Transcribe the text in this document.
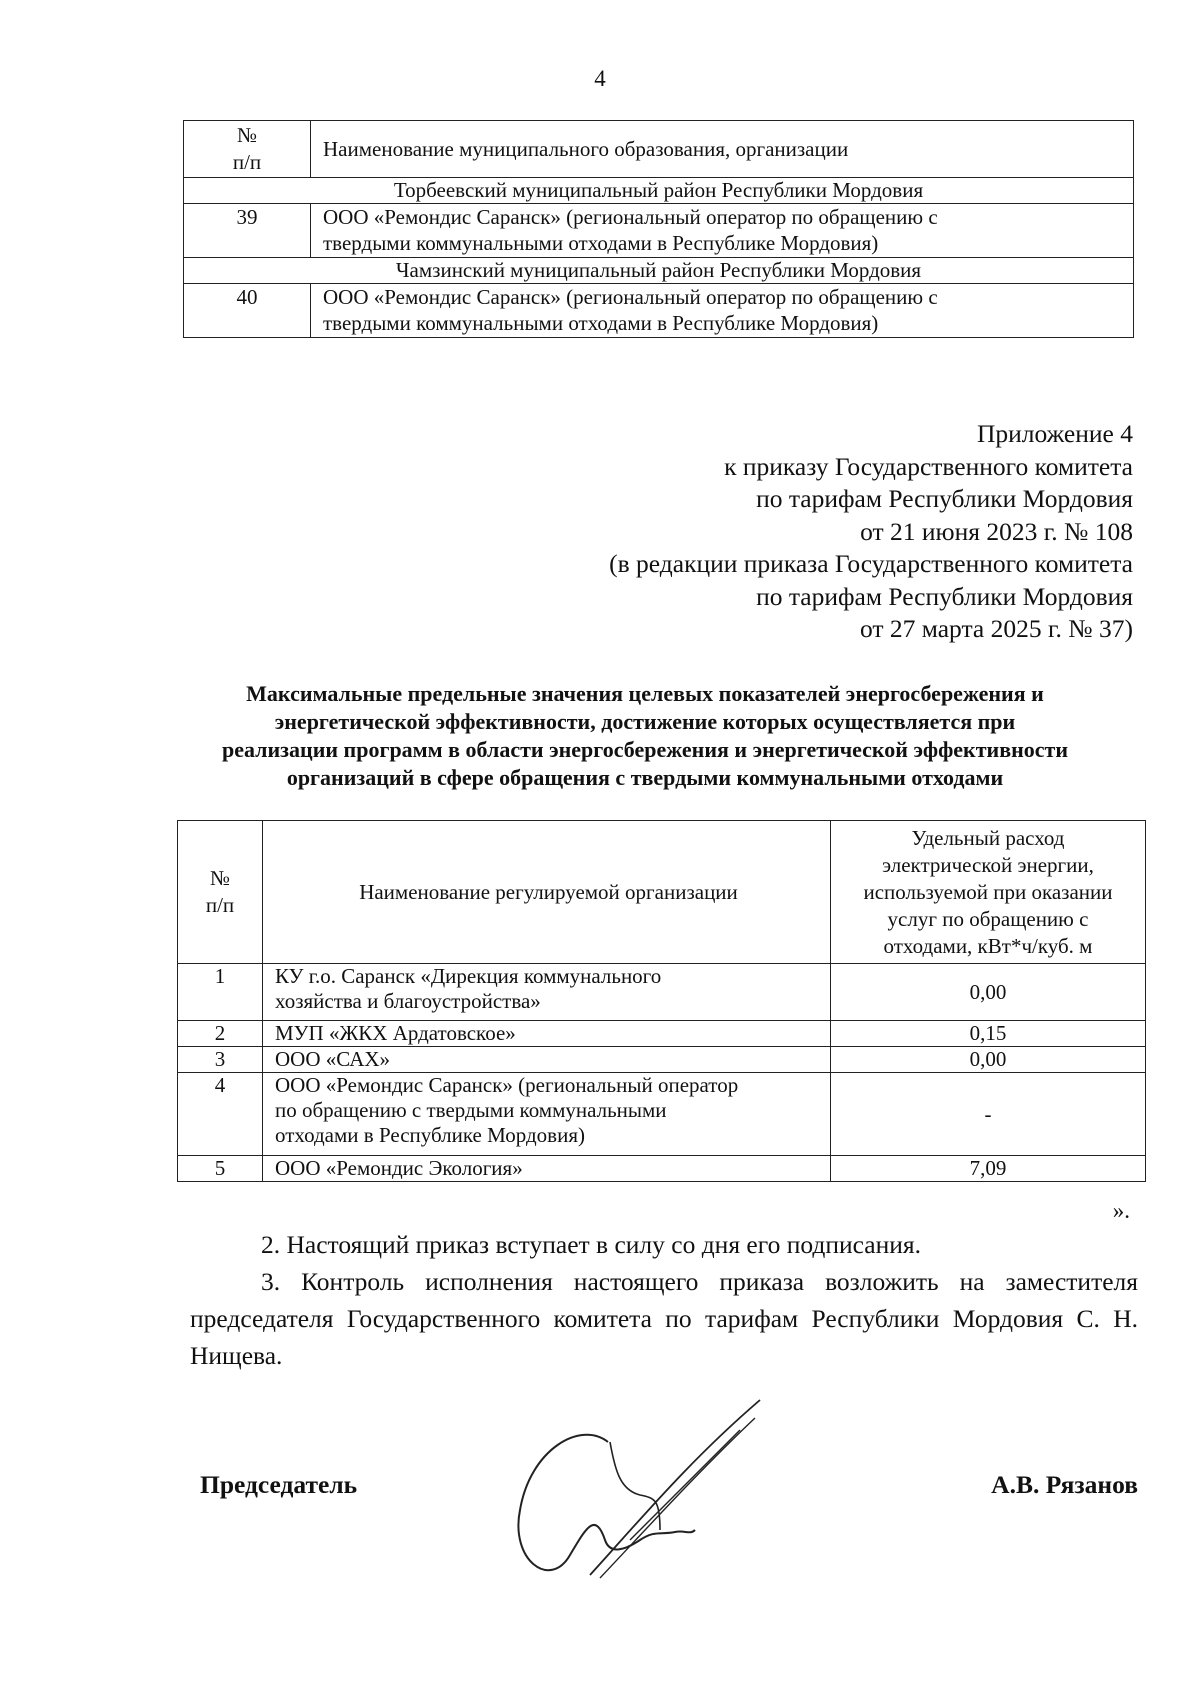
4
№
п/п	Наименование муниципального образования, организации
Торбеевский муниципальный район Республики Мордовия	
39	ООО «Ремондис Саранск» (региональный оператор по обращению с
твердыми коммунальными отходами в Республике Мордовия)
Чамзинский муниципальный район Республики Мордовия	
40	ООО «Ремондис Саранск» (региональный оператор по обращению с
твердыми коммунальными отходами в Республике Мордовия)
Приложение 4
к приказу Государственного комитета
по тарифам Республики Мордовия
от 21 июня 2023 г. № 108
(в редакции приказа Государственного комитета
по тарифам Республики Мордовия
от 27 марта 2025 г. № 37)
Максимальные предельные значения целевых показателей энергосбережения и
энергетической эффективности, достижение которых осуществляется при
реализации программ в области энергосбережения и энергетической эффективности
организаций в сфере обращения с твердыми коммунальными отходами
№
п/п	Наименование регулируемой организации	Удельный расход
электрической энергии,
используемой при оказании
услуг по обращению с
отходами, кВт*ч/куб. м
1	КУ г.о. Саранск «Дирекция коммунального
хозяйства и благоустройства»	0,00
2	МУП «ЖКХ Ардатовское»	0,15
3	ООО «САХ»	0,00
4	ООО «Ремондис Саранск» (региональный оператор
по обращению с твердыми коммунальными
отходами в Республике Мордовия)	-
5	ООО «Ремондис Экология»	7,09
».
2. Настоящий приказ вступает в силу со дня его подписания.
3. Контроль исполнения настоящего приказа возложить на заместителя председателя Государственного комитета по тарифам Республики Мордовия С. Н. Нищева.
Председатель	А.В. Рязанов
